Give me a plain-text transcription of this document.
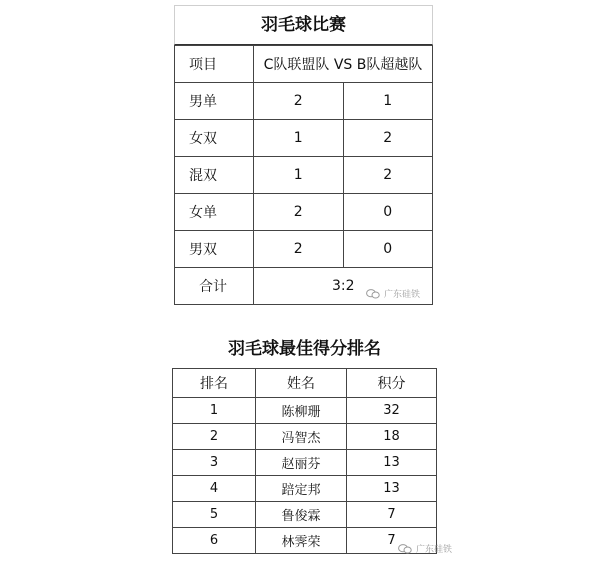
羽毛球比赛
项目	C队联盟队 VS B队超越队	
男单	2	1
女双	1	2
混双	1	2
女单	2	0
男双	2	0
合计	3:2	
广东硅铁
羽毛球最佳得分排名
排名	姓名	积分
1	陈柳珊	32
2	冯智杰	18
3	赵丽芬	13
4	踣定邦	13
5	鲁俊霖	7
6	林霁荣	7
广东硅铁
